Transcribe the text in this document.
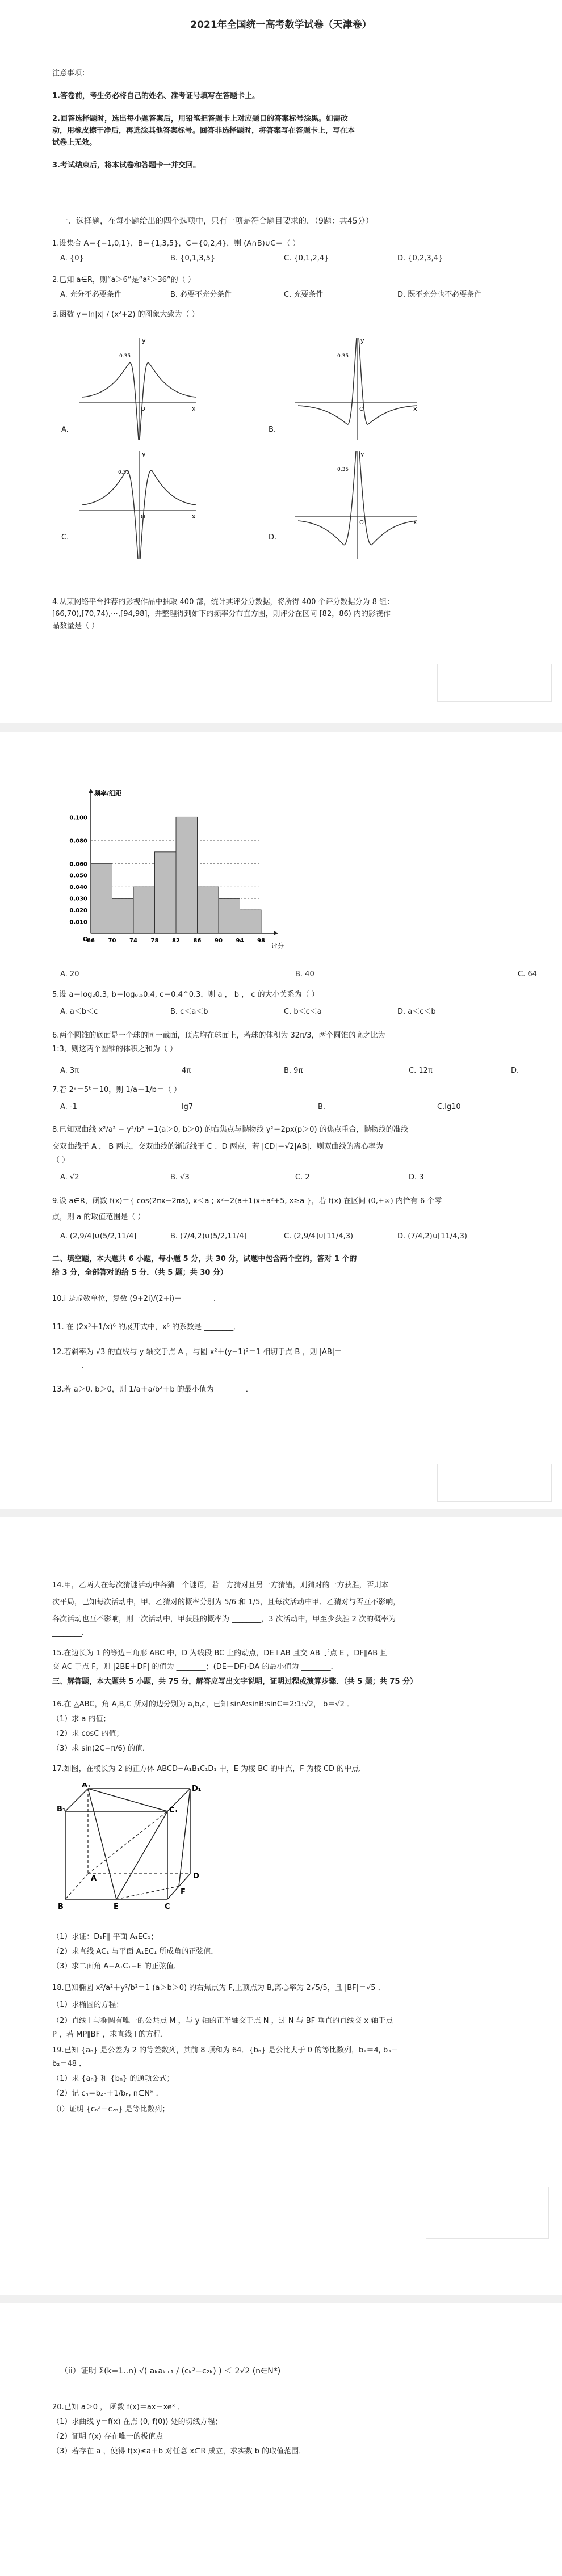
2021年全国统一高考数学试卷（天津卷）
注意事项：
1.答卷前，考生务必将自己的姓名、准考证号填写在答题卡上。
2.回答选择题时，选出每小题答案后，用铅笔把答题卡上对应题目的答案标号涂黑。如需改
动，用橡皮擦干净后，再选涂其他答案标号。回答非选择题时，将答案写在答题卡上，写在本
试卷上无效。
3.考试结束后，将本试卷和答题卡一并交回。
一、选择题，在每小题给出的四个选项中，只有一项是符合题目要求的．（9题：共45分）
1.设集合 A＝{−1,0,1}，B＝{1,3,5}，C＝{0,2,4}，则 (A∩B)∪C＝（ ）
A. {0}	B. {0,1,3,5}	C. {0,1,2,4}	D. {0,2,3,4}
2.已知 a∈R，则“a＞6”是“a²＞36”的（ ）
A. 充分不必要条件	B. 必要不充分条件	C. 充要条件	D. 既不充分也不必要条件
3.函数 y＝ln|x| / (x²+2) 的图象大致为（ ）
A.
x
y
O
0.35
B.
x
y
O
0.35
C.
x
y
O
0.35
D.
x
y
O
0.35
4.从某网络平台推荐的影视作品中抽取 400 部，统计其评分分数据，将所得 400 个评分数据分为 8 组：
[66,70),[70,74),⋯,[94,98]，并整理得到如下的频率分布直方图，则评分在区间 [82，86) 内的影视作
品数量是（ ）
频率/组距
评分
O
0.100
0.080
0.060
0.050
0.040
0.030
0.020
0.010
66 70 74 78 82 86 90 94 98
A. 20	B. 40	C. 64
5.设 a＝log₂0.3, b＝log₀.₅0.4, c＝0.4^0.3，则 a ， b ， c 的大小关系为（ ）
A. a＜b＜c	B. c＜a＜b	C. b＜c＜a	D. a＜c＜b
6.两个圆锥的底面是一个球的同一截面，顶点均在球面上，若球的体积为 32π/3，两个圆锥的高之比为
1:3，则这两个圆锥的体积之和为（ ）
A. 3π	4π	B. 9π	C. 12π	D.
7.若 2ᵃ＝5ᵇ＝10，则 1/a＋1/b＝（ ）
A. -1	lg7	B.	C.lg10
8.已知双曲线 x²/a² − y²/b² ＝1(a＞0, b＞0) 的右焦点与抛物线 y²＝2px(p＞0) 的焦点重合，抛物线的准线
交双曲线于 A ， B 两点，交双曲线的渐近线于 C 、D 两点，若 |CD|＝√2|AB|．则双曲线的离心率为
（ ）
A. √2	B. √3	C. 2	D. 3
9.设 a∈R，函数 f(x)＝{ cos(2πx−2πa), x＜a ; x²−2(a+1)x+a²+5, x≥a }，若 f(x) 在区间 (0,+∞) 内恰有 6 个零
点，则 a 的取值范围是（ ）
A. (2,9/4]∪(5/2,11/4]	B. (7/4,2)∪(5/2,11/4]	C. (2,9/4]∪[11/4,3)	D. (7/4,2)∪[11/4,3)
二、填空题，本大题共 6 小题，每小题 5 分，共 30 分，试题中包含两个空的，答对 1 个的
给 3 分，全部答对的给 5 分．（共 5 题；共 30 分）
10.i 是虚数单位，复数 (9+2i)/(2+i)＝ ________．
11. 在 (2x³＋1/x)⁶ 的展开式中，x⁶ 的系数是 ________．
12.若斜率为 √3 的直线与 y 轴交于点 A ，与圆 x²＋(y−1)²＝1 相切于点 B ，则 |AB|＝
________．
13.若 a＞0, b＞0，则 1/a＋a/b²＋b 的最小值为 ________．
14.甲，乙两人在每次猜谜活动中各猜一个谜语，若一方猜对且另一方猜错，则猜对的一方获胜，否则本
次平局，已知每次活动中，甲、乙猜对的概率分别为 5/6 和 1/5，且每次活动中甲、乙猜对与否互不影响，
各次活动也互不影响，则一次活动中，甲获胜的概率为 ________，3 次活动中，甲至少获胜 2 次的概率为
________．
15.在边长为 1 的等边三角形 ABC 中，D 为线段 BC 上的动点，DE⊥AB 且交 AB 于点 E ，DF∥AB 且
交 AC 于点 F，则 |2BE＋DF| 的值为 ________；(DE＋DF)·DA 的最小值为 ________．
三、解答题，本大题共 5 小题，共 75 分，解答应写出文字说明，证明过程或演算步骤．（共 5 题；共 75 分）
16.在 △ABC，角 A,B,C 所对的边分别为 a,b,c，已知 sinA:sinB:sinC＝2:1:√2， b＝√2 ．
（1）求 a 的值；
（2）求 cosC 的值；
（3）求 sin(2C−π/6) 的值．
17.如图，在棱长为 2 的正方体 ABCD−A₁B₁C₁D₁ 中，E 为棱 BC 的中点，F 为棱 CD 的中点．
A₁
B₁	C₁
D₁
A
B	C
D
E
F
（1）求证：D₁F∥ 平面 A₁EC₁；
（2）求直线 AC₁ 与平面 A₁EC₁ 所成角的正弦值．
（3）求二面角 A−A₁C₁−E 的正弦值．
18.已知椭圆 x²/a²＋y²/b²＝1 (a＞b＞0) 的右焦点为 F,上顶点为 B,离心率为 2√5/5，且 |BF|＝√5 ．
（1）求椭圆的方程；
（2）直线 l 与椭圆有唯一的公共点 M ，与 y 轴的正半轴交于点 N ，过 N 与 BF 垂直的直线交 x 轴于点
P ，若 MP∥BF ，求直线 l 的方程．
19.已知 {aₙ} 是公差为 2 的等差数列，其前 8 项和为 64．{bₙ} 是公比大于 0 的等比数列，b₁＝4, b₃－
b₂＝48 ．
（1）求 {aₙ} 和 {bₙ} 的通项公式；
（2）记 cₙ＝b₂ₙ＋1/bₙ, n∈N* ．
（i）证明 {cₙ²－c₂ₙ} 是等比数列；
（ii）证明 Σ(k=1..n) √( aₖaₖ₊₁ / (cₖ²−c₂ₖ) ) ＜ 2√2 (n∈N*)
20.已知 a＞0 ， 函数 f(x)＝ax－xeˣ ．
（1）求曲线 y＝f(x) 在点 (0, f(0)) 处的切线方程；
（2）证明 f(x) 存在唯一的极值点
（3）若存在 a ，使得 f(x)≤a＋b 对任意 x∈R 成立，求实数 b 的取值范围．
